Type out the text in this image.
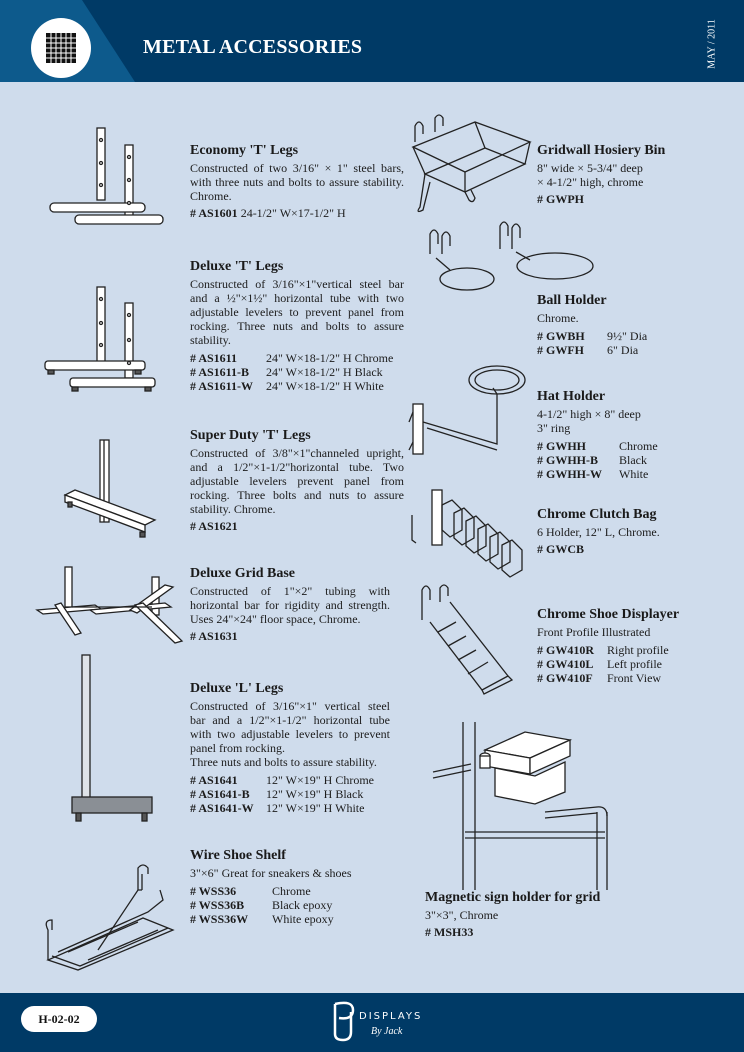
METAL ACCESSORIES	MAY / 2011
Economy 'T' Legs

Constructed of two 3/16" × 1" steel bars, with three nuts and bolts to assure stability. Chrome.

# AS1601
24-1/2" W×17-1/2" H
Deluxe 'T' Legs

Constructed of 3/16"×1"vertical steel bar and a ½"×1½" horizontal tube with two adjustable levelers to prevent panel from rocking. Three nuts and bolts to assure stability.

# AS1611	24" W×18-1/2" H Chrome
# AS1611-B	24" W×18-1/2" H Black
# AS1611-W	24" W×18-1/2" H White
Super Duty 'T' Legs

Constructed of 3/8"×1"channeled upright, and a 1/2"×1-1/2"horizontal tube. Two adjustable levelers prevent panel from rocking. Three bolts and nuts to assure stability. Chrome.

# AS1621
Deluxe Grid Base

Constructed of 1"×2" tubing with horizontal bar for rigidity and strength. Uses 24"×24" floor space, Chrome.

# AS1631
Deluxe 'L' Legs

Constructed of 3/16"×1" vertical steel bar and a 1/2"×1-1/2" horizontal tube with two adjustable levelers to prevent panel from rocking.

Three nuts and bolts to assure stability.

# AS1641	12" W×19" H Chrome
# AS1641-B	12" W×19" H Black
# AS1641-W	12" W×19" H White
Wire Shoe Shelf

3"×6" Great for sneakers & shoes

# WSS36	Chrome
# WSS36B	Black epoxy
# WSS36W	White epoxy
Gridwall Hosiery Bin

8" wide × 5-3/4" deep

× 4-1/2" high, chrome

# GWPH
Ball Holder

Chrome.

# GWBH	9½" Dia
# GWFH	6" Dia
Hat Holder

4-1/2" high × 8" deep

3" ring

# GWHH	Chrome
# GWHH-B	Black
# GWHH-W	White
Chrome Clutch Bag

6 Holder, 12" L, Chrome.

# GWCB
Chrome Shoe Displayer

Front Profile Illustrated

# GW410R	Right profile
# GW410L	Left profile
# GW410F	Front View
Magnetic sign holder for grid

3"×3", Chrome

# MSH33
H-02-02	DISPLAYS
By Jack
